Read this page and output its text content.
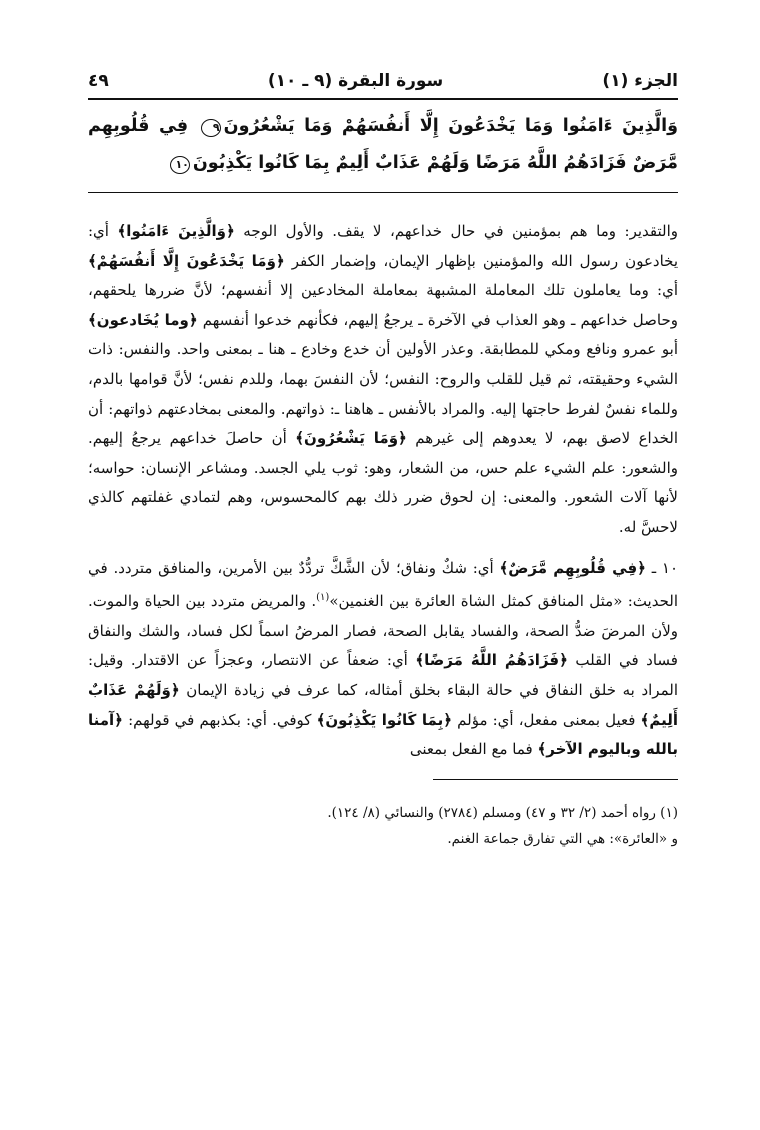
الجزء (١)
سورة البقرة (٩ ـ ١٠)
٤٩
وَالَّذِينَ ءَامَنُوا وَمَا يَخْدَعُونَ إِلَّا أَنفُسَهُمْ وَمَا يَشْعُرُونَ٩ فِي قُلُوبِهِم مَّرَضٌ فَزَادَهُمُ اللَّهُ مَرَضًا وَلَهُمْ عَذَابٌ أَلِيمٌ بِمَا كَانُوا يَكْذِبُونَ١٠

والتقدير: وما هم بمؤمنين في حال خداعهم، لا يقف. والأول الوجه ﴿وَالَّذِينَ ءَامَنُوا﴾ أي: يخادعون رسول الله والمؤمنين بإظهار الإيمان، وإضمار الكفر ﴿وَمَا يَخْدَعُونَ إِلَّا أَنفُسَهُمْ﴾ أي: وما يعاملون تلك المعاملة المشبهة بمعاملة المخادعين إلا أنفسهم؛ لأنَّ ضررها يلحقهم، وحاصل خداعهم ـ وهو العذاب في الآخرة ـ يرجعُ إليهم، فكأنهم خدعوا أنفسهم ﴿وما يُخَادعون﴾ أبو عمرو ونافع ومكي للمطابقة. وعذر الأولين أن خدع وخادع ـ هنا ـ بمعنى واحد. والنفس: ذات الشيء وحقيقته، ثم قيل للقلب والروح: النفس؛ لأن النفسَ بهما، وللدم نفس؛ لأنَّ قوامها بالدم، وللماء نفسٌ لفرط حاجتها إليه. والمراد بالأنفس ـ هاهنا ـ: ذواتهم. والمعنى بمخادعتهم ذواتهم: أن الخداع لاصق بهم، لا يعدوهم إلى غيرهم ﴿وَمَا يَشْعُرُونَ﴾ أن حاصلَ خداعهم يرجعُ إليهم. والشعور: علم الشيء علم حس، من الشعار، وهو: ثوب يلي الجسد. ومشاعر الإنسان: حواسه؛ لأنها آلات الشعور. والمعنى: إن لحوق ضرر ذلك بهم كالمحسوس، وهم لتمادي غفلتهم كالذي لاحسَّ له.

١٠ ـ ﴿فِي قُلُوبِهِم مَّرَضٌ﴾ أي: شكٌ ونفاق؛ لأن الشَّكَّ تردُّدٌ بين الأمرين، والمنافق متردد. في الحديث: «مثل المنافق كمثل الشاة العائرة بين الغنمين»$^{(١)}$. والمريض متردد بين الحياة والموت. ولأن المرضَ ضدُّ الصحة، والفساد يقابل الصحة، فصار المرضُ اسماً لكل فساد، والشك والنفاق فساد في القلب ﴿فَزَادَهُمُ اللَّهُ مَرَضًا﴾ أي: ضعفاً عن الانتصار، وعجزاً عن الاقتدار. وقيل: المراد به خلق النفاق في حالة البقاء بخلق أمثاله، كما عرف في زيادة الإيمان ﴿وَلَهُمْ عَذَابٌ أَلِيمٌ﴾ فعيل بمعنى مفعل، أي: مؤلم ﴿بِمَا كَانُوا يَكْذِبُونَ﴾ كوفي. أي: بكذبهم في قولهم: ﴿آمنا بالله وباليوم الآخر﴾ فما مع الفعل بمعنى

(١) رواه أحمد (٢/ ٣٢ و ٤٧) ومسلم (٢٧٨٤) والنسائي (٨/ ١٢٤).
و «العائرة»: هي التي تفارق جماعة الغنم.
